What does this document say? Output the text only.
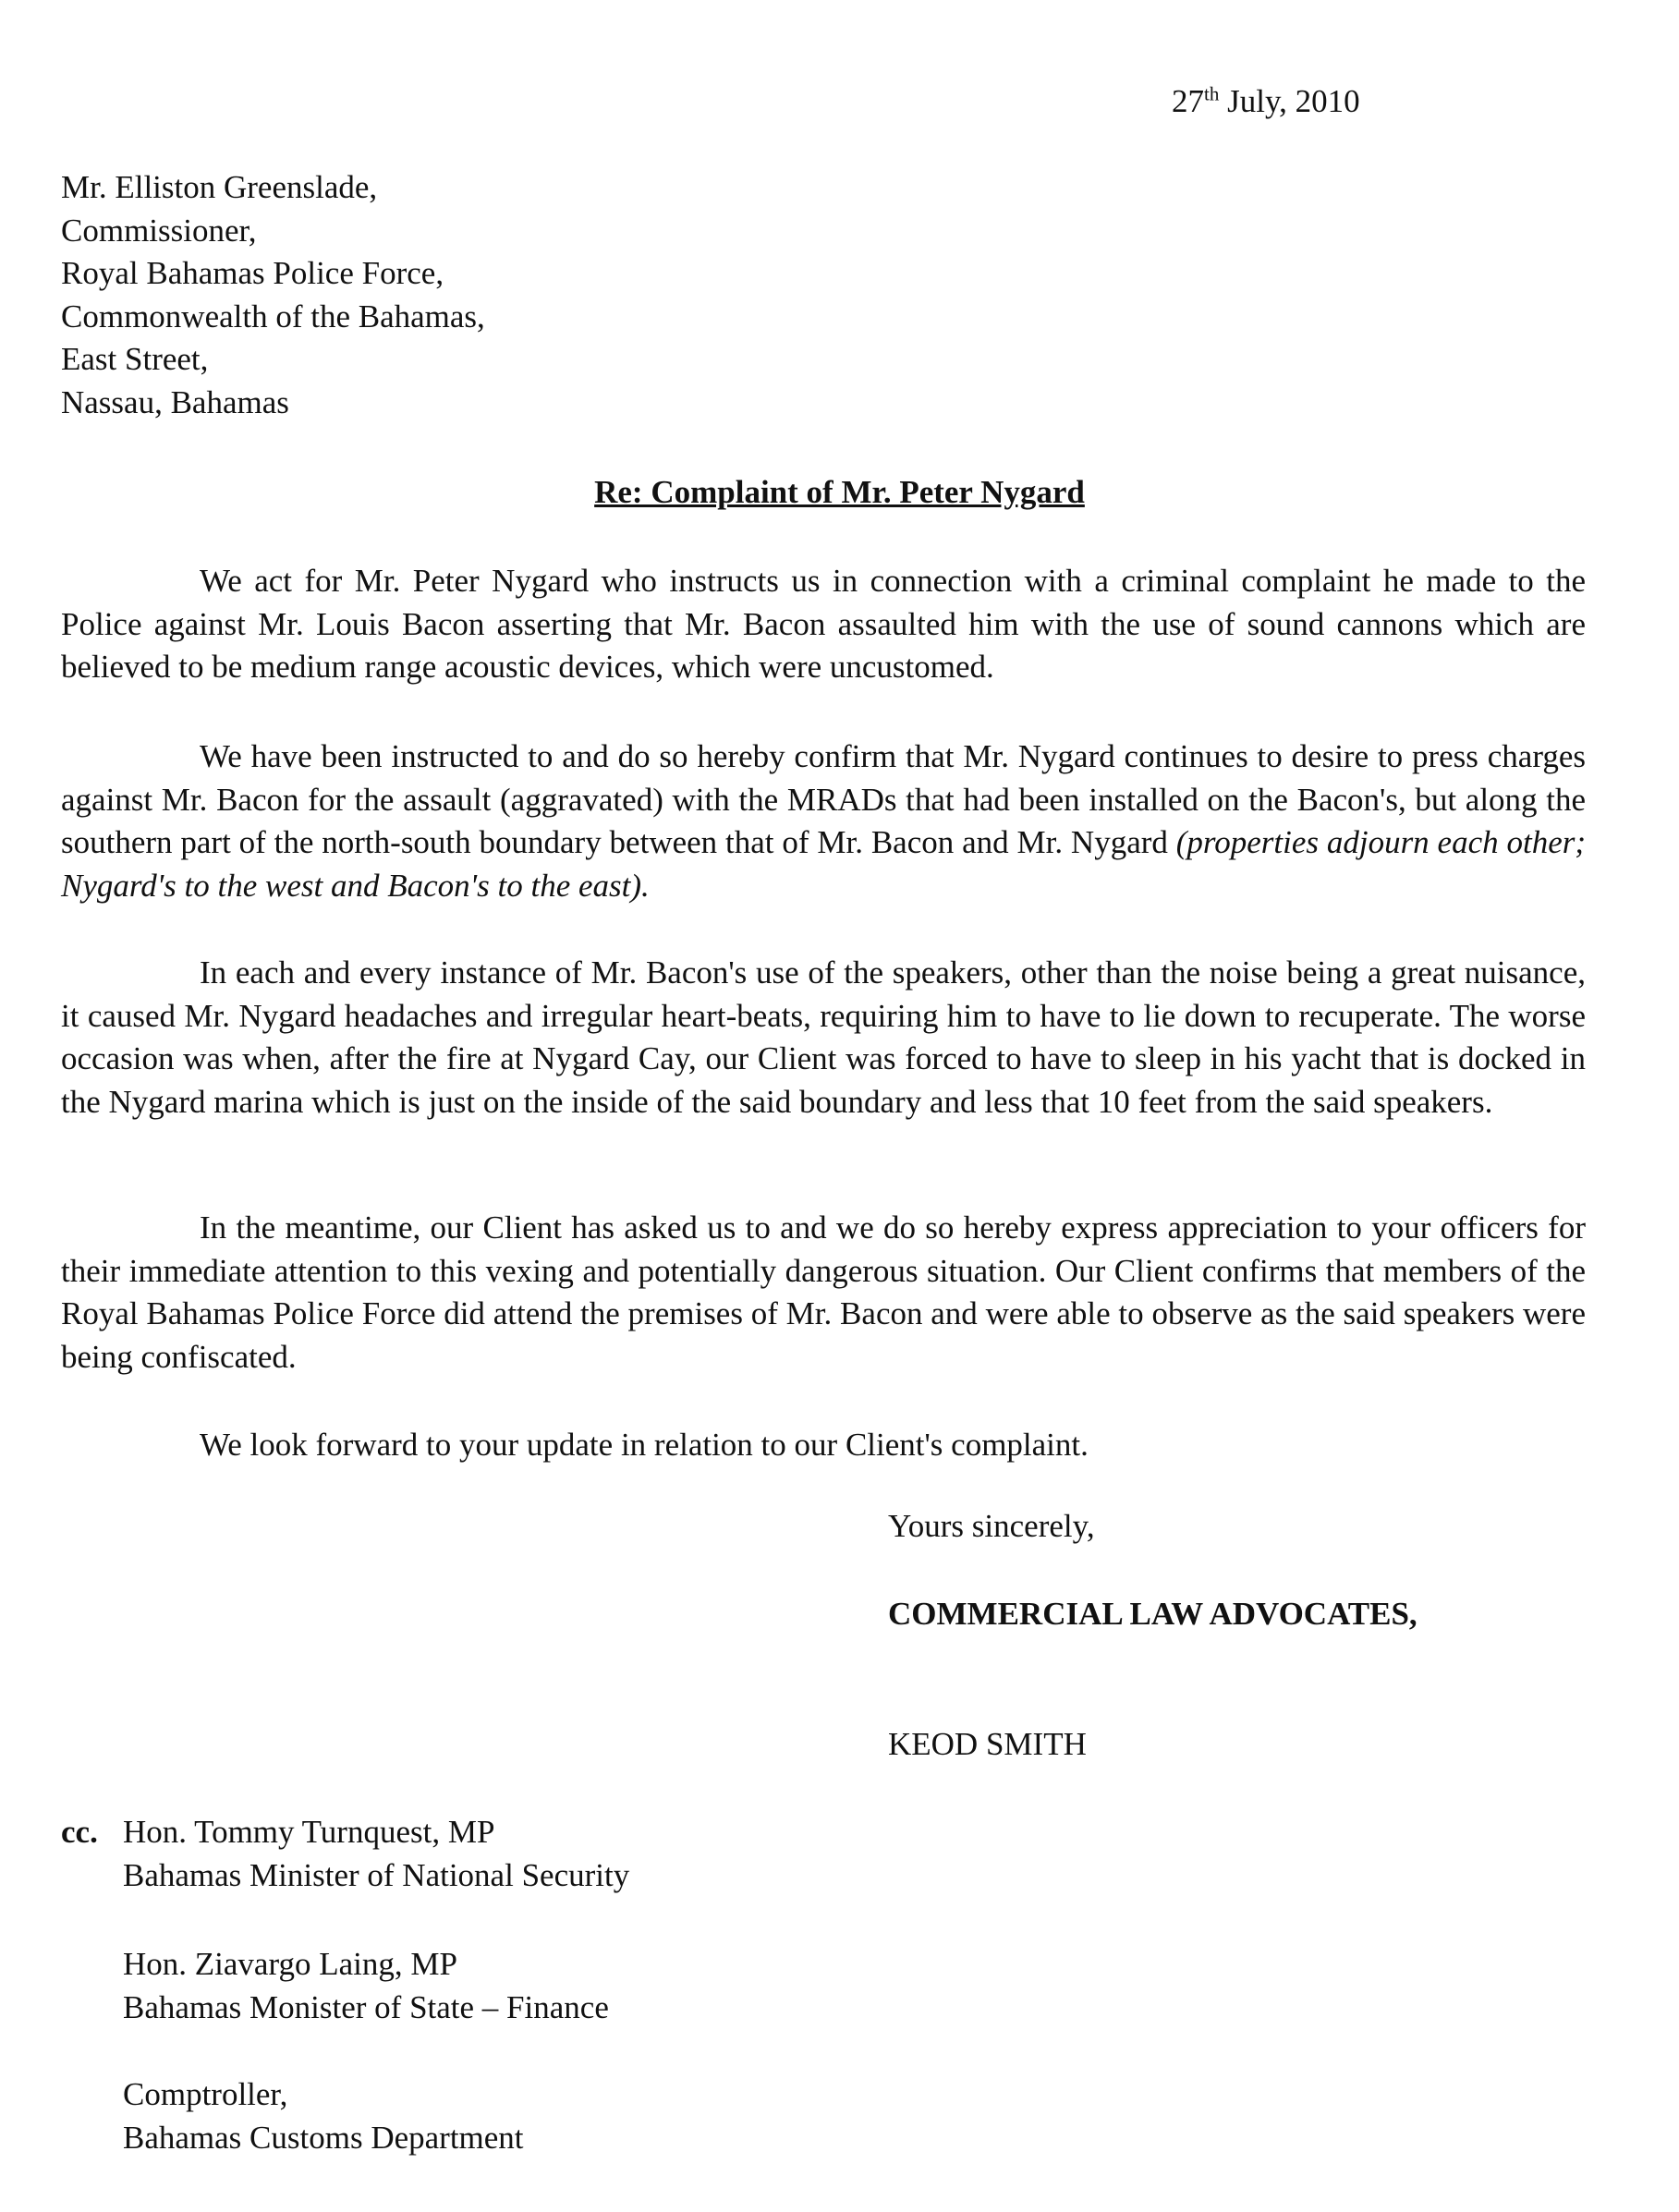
27th July, 2010
Mr. Elliston Greenslade,
Commissioner,
Royal Bahamas Police Force,
Commonwealth of the Bahamas,
East Street,
Nassau, Bahamas
Re: Complaint of Mr. Peter Nygard

We act for Mr. Peter Nygard who instructs us in connection with a criminal complaint he made to the Police against Mr. Louis Bacon asserting that Mr. Bacon assaulted him with the use of sound cannons which are believed to be medium range acoustic devices, which were uncustomed.

We have been instructed to and do so hereby confirm that Mr. Nygard continues to desire to press charges against Mr. Bacon for the assault (aggravated) with the MRADs that had been installed on the Bacon's, but along the southern part of the north-south boundary between that of Mr. Bacon and Mr. Nygard (properties adjourn each other; Nygard's to the west and Bacon's to the east).

In each and every instance of Mr. Bacon's use of the speakers, other than the noise being a great nuisance, it caused Mr. Nygard headaches and irregular heart-beats, requiring him to have to lie down to recuperate. The worse occasion was when, after the fire at Nygard Cay, our Client was forced to have to sleep in his yacht that is docked in the Nygard marina which is just on the inside of the said boundary and less that 10 feet from the said speakers.

In the meantime, our Client has asked us to and we do so hereby express appreciation to your officers for their immediate attention to this vexing and potentially dangerous situation. Our Client confirms that members of the Royal Bahamas Police Force did attend the premises of Mr. Bacon and were able to observe as the said speakers were being confiscated.

We look forward to your update in relation to our Client's complaint.

Yours sincerely,
COMMERCIAL LAW ADVOCATES,
KEOD SMITH
cc. Hon. Tommy Turnquest, MP
Bahamas Minister of National Security
Hon. Ziavargo Laing, MP
Bahamas Monister of State – Finance
Comptroller,
Bahamas Customs Department
